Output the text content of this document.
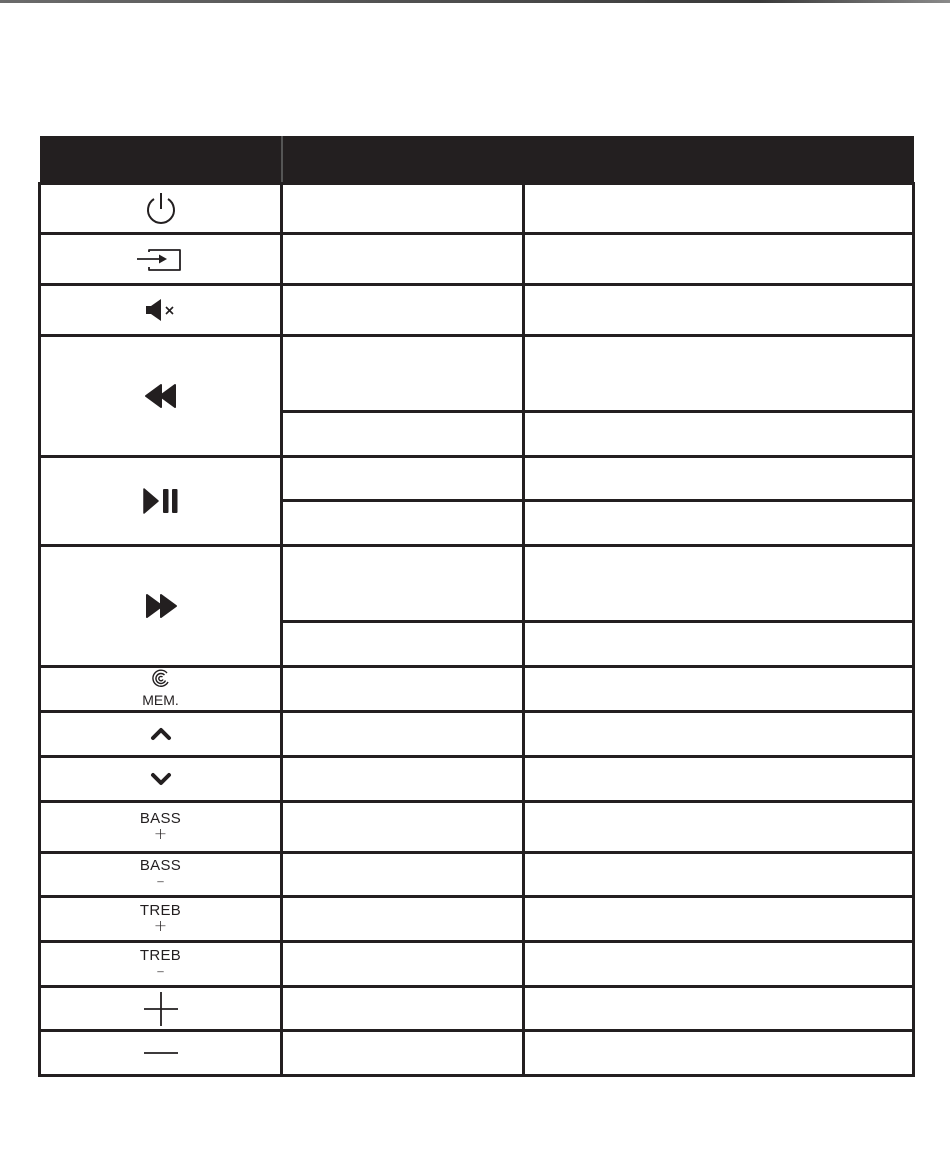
MEM.		

BASS
+		

BASS
–		

TREB
+		

TREB
–		
